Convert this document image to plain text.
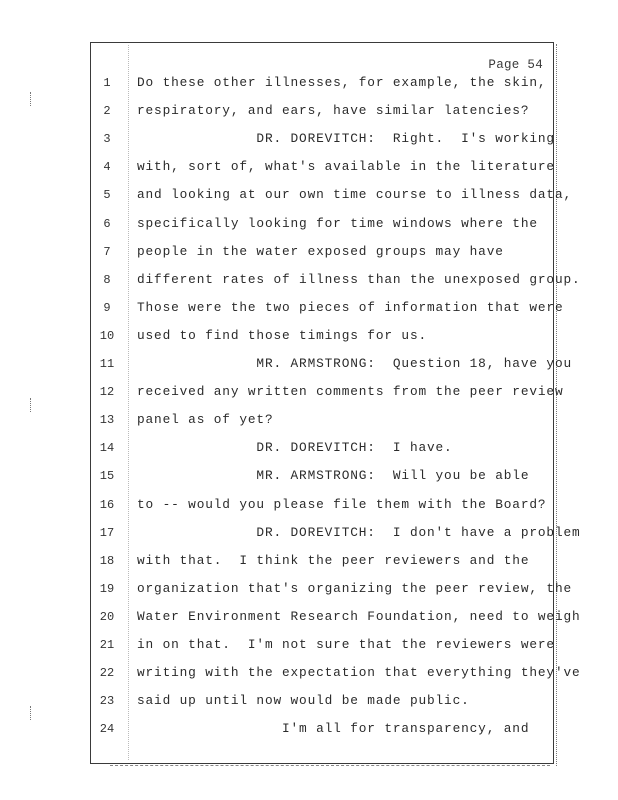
Page 54
1	Do these other illnesses, for example, the skin,
2	respiratory, and ears, have similar latencies?
3	DR. DOREVITCH:  Right.  I's working
4	with, sort of, what's available in the literature
5	and looking at our own time course to illness data,
6	specifically looking for time windows where the
7	people in the water exposed groups may have
8	different rates of illness than the unexposed group.
9	Those were the two pieces of information that were
10 used to find those timings for us.
11 MR. ARMSTRONG:  Question 18, have you
12 received any written comments from the peer review
13 panel as of yet?
14 DR. DOREVITCH:  I have.
15 MR. ARMSTRONG:  Will you be able
16 to -- would you please file them with the Board?
17 DR. DOREVITCH:  I don't have a problem
18 with that.  I think the peer reviewers and the
19 organization that's organizing the peer review, the
20 Water Environment Research Foundation, need to weigh
21 in on that.  I'm not sure that the reviewers were
22 writing with the expectation that everything they've
23 said up until now would be made public.
24 I'm all for transparency, and
